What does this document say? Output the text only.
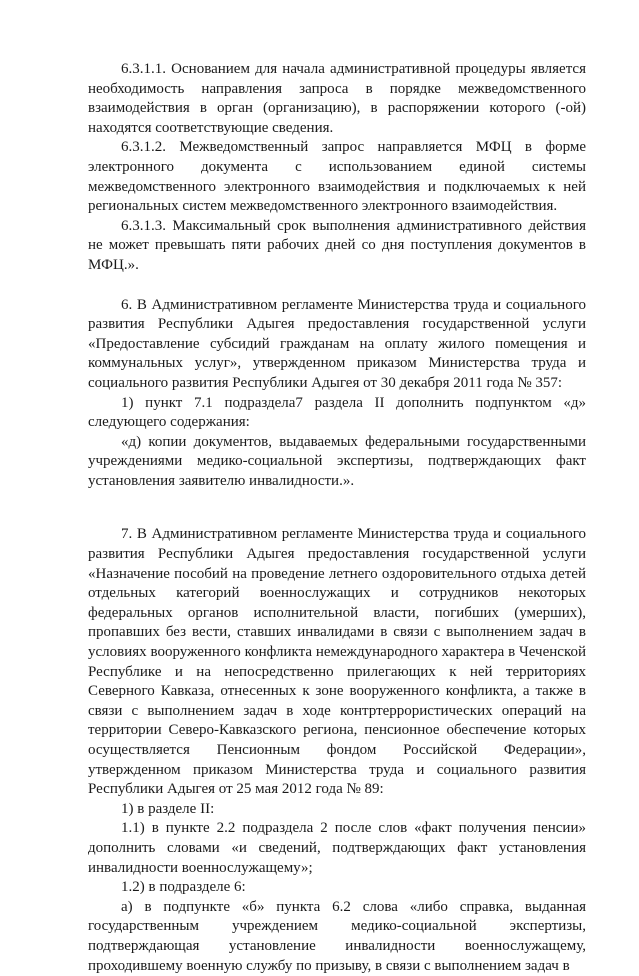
6.3.1.1. Основанием для начала административной процедуры является необходимость направления запроса в порядке межведомственного взаимодействия в орган (организацию), в распоряжении которого (-ой) находятся соответствующие сведения.

6.3.1.2. Межведомственный запрос направляется МФЦ в форме электронного документа с использованием единой системы межведомственного электронного взаимодействия и подключаемых к ней региональных систем межведомственного электронного взаимодействия.

6.3.1.3. Максимальный срок выполнения административного действия не может превышать пяти рабочих дней со дня поступления документов в МФЦ.».

6. В Административном регламенте Министерства труда и социального развития Республики Адыгея предоставления государственной услуги «Предоставление субсидий гражданам на оплату жилого помещения и коммунальных услуг», утвержденном приказом Министерства труда и социального развития Республики Адыгея от 30 декабря 2011 года № 357:

1) пункт 7.1 подраздела7 раздела II дополнить подпунктом «д» следующего содержания:

«д) копии документов, выдаваемых федеральными государственными учреждениями медико-социальной экспертизы, подтверждающих факт установления заявителю инвалидности.».

7. В Административном регламенте Министерства труда и социального развития Республики Адыгея предоставления государственной услуги «Назначение пособий на проведение летнего оздоровительного отдыха детей отдельных категорий военнослужащих и сотрудников некоторых федеральных органов исполнительной власти, погибших (умерших), пропавших без вести, ставших инвалидами в связи с выполнением задач в условиях вооруженного конфликта немеждународного характера в Чеченской Республике и на непосредственно прилегающих к ней территориях Северного Кавказа, отнесенных к зоне вооруженного конфликта, а также в связи с выполнением задач в ходе контртеррористических операций на территории Северо-Кавказского региона, пенсионное обеспечение которых осуществляется Пенсионным фондом Российской Федерации», утвержденном приказом Министерства труда и социального развития Республики Адыгея от 25 мая 2012 года № 89:

1) в разделе II:

1.1) в пункте 2.2 подраздела 2 после слов «факт получения пенсии» дополнить словами «и сведений, подтверждающих факт установления инвалидности военнослужащему»;

1.2) в подразделе 6:

а) в подпункте «б» пункта 6.2 слова «либо справка, выданная государственным учреждением медико-социальной экспертизы, подтверждающая установление инвалидности военнослужащему, проходившему военную службу по призыву, в связи с выполнением задач в
